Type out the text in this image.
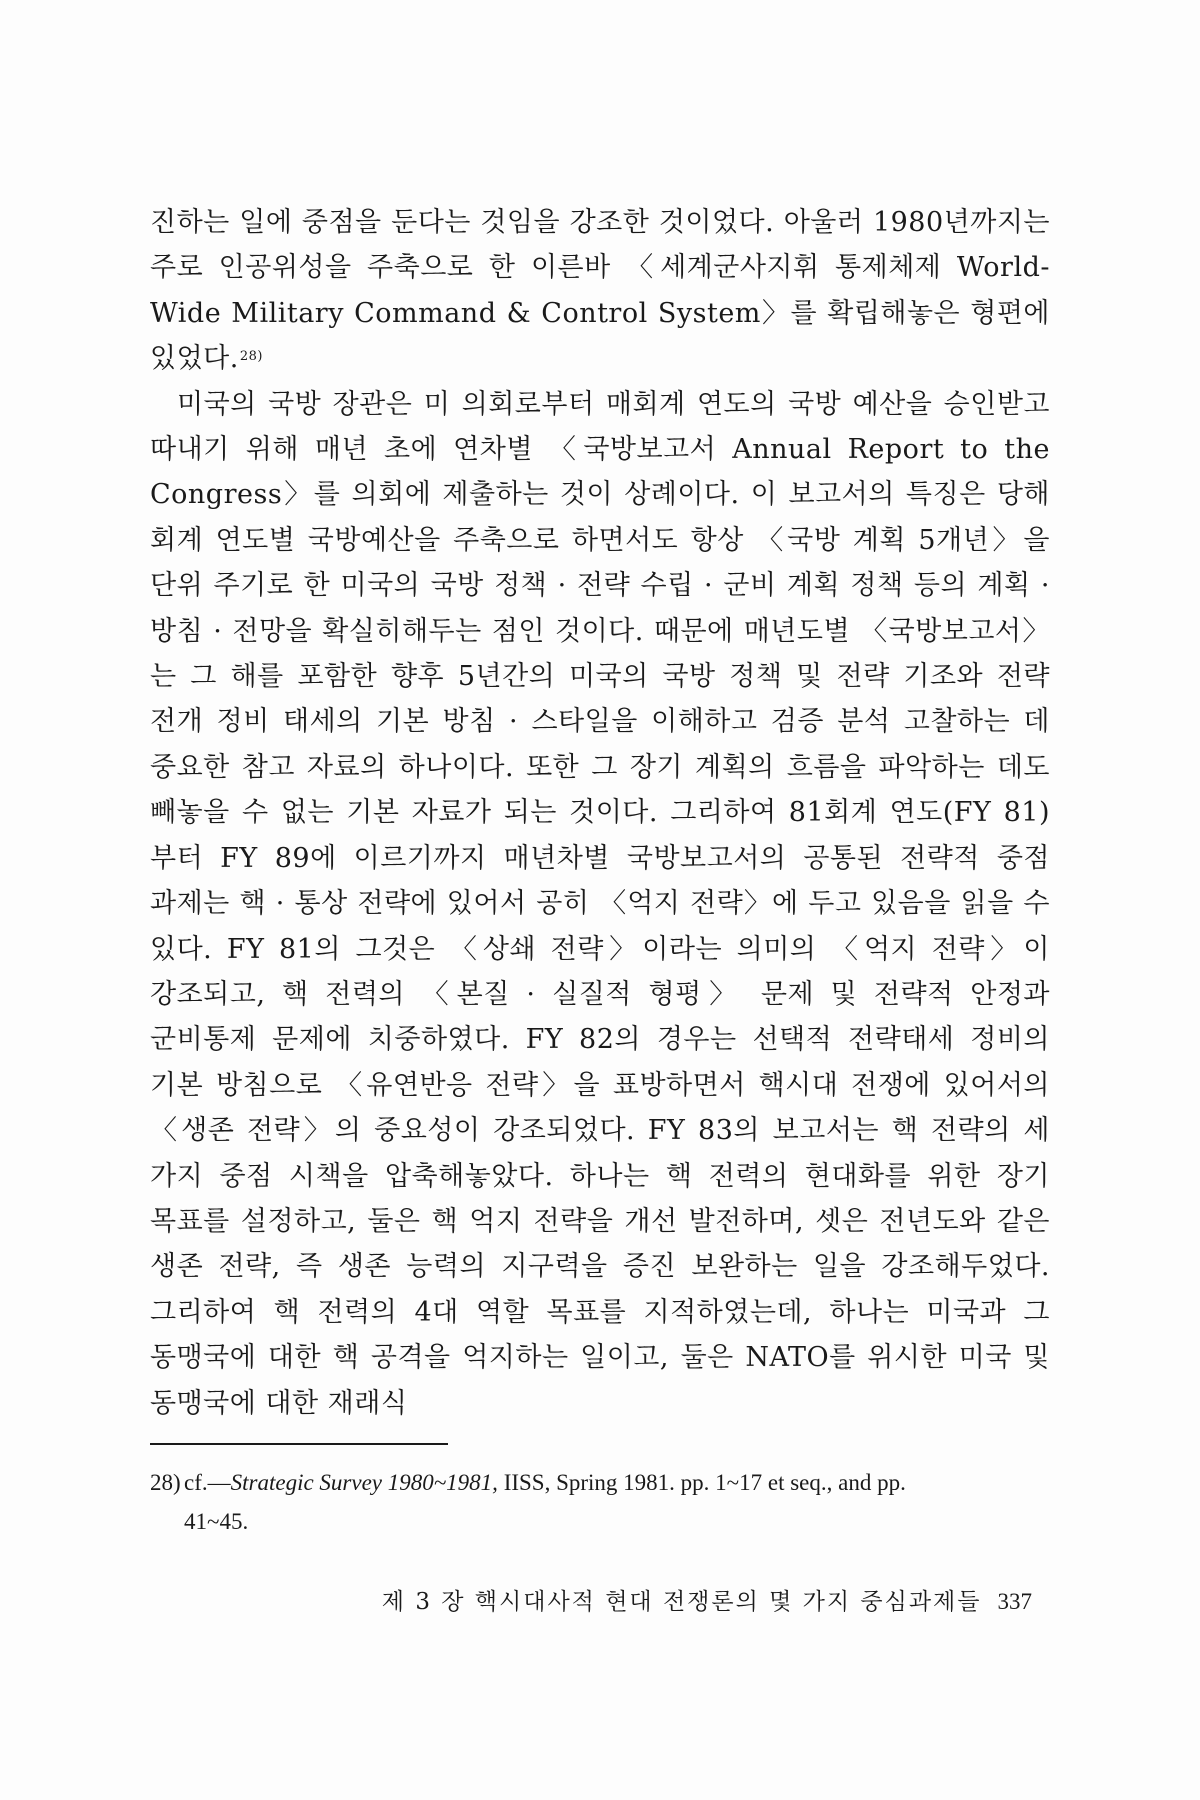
진하는 일에 중점을 둔다는 것임을 강조한 것이었다. 아울러 1980년까지는 주로 인공위성을 주축으로 한 이른바 〈세계군사지휘 통제체제 World-Wide Military Command & Control System〉를 확립해놓은 형편에 있었다.$^{28)}$

미국의 국방 장관은 미 의회로부터 매회계 연도의 국방 예산을 승인받고 따내기 위해 매년 초에 연차별 〈국방보고서 Annual Report to the Congress〉를 의회에 제출하는 것이 상례이다. 이 보고서의 특징은 당해 회계 연도별 국방예산을 주축으로 하면서도 항상 〈국방 계획 5개년〉을 단위 주기로 한 미국의 국방 정책 · 전략 수립 · 군비 계획 정책 등의 계획 · 방침 · 전망을 확실히해두는 점인 것이다. 때문에 매년도별 〈국방보고서〉는 그 해를 포함한 향후 5년간의 미국의 국방 정책 및 전략 기조와 전략 전개 정비 태세의 기본 방침 · 스타일을 이해하고 검증 분석 고찰하는 데 중요한 참고 자료의 하나이다. 또한 그 장기 계획의 흐름을 파악하는 데도 빼놓을 수 없는 기본 자료가 되는 것이다. 그리하여 81회계 연도(FY 81)부터 FY 89에 이르기까지 매년차별 국방보고서의 공통된 전략적 중점 과제는 핵 · 통상 전략에 있어서 공히 〈억지 전략〉에 두고 있음을 읽을 수 있다. FY 81의 그것은 〈상쇄 전략〉이라는 의미의 〈억지 전략〉이 강조되고, 핵 전력의 〈본질 · 실질적 형평〉 문제 및 전략적 안정과 군비통제 문제에 치중하였다. FY 82의 경우는 선택적 전략태세 정비의 기본 방침으로 〈유연반응 전략〉을 표방하면서 핵시대 전쟁에 있어서의 〈생존 전략〉의 중요성이 강조되었다. FY 83의 보고서는 핵 전략의 세 가지 중점 시책을 압축해놓았다. 하나는 핵 전력의 현대화를 위한 장기 목표를 설정하고, 둘은 핵 억지 전략을 개선 발전하며, 셋은 전년도와 같은 생존 전략, 즉 생존 능력의 지구력을 증진 보완하는 일을 강조해두었다. 그리하여 핵 전력의 4대 역할 목표를 지적하였는데, 하나는 미국과 그 동맹국에 대한 핵 공격을 억지하는 일이고, 둘은 NATO를 위시한 미국 및 동맹국에 대한 재래식

28) cf.—Strategic Survey 1980~1981, IISS, Spring 1981. pp. 1~17 et seq., and pp.
41~45.
제 3 장 핵시대사적 현대 전쟁론의 몇 가지 중심과제들 337
